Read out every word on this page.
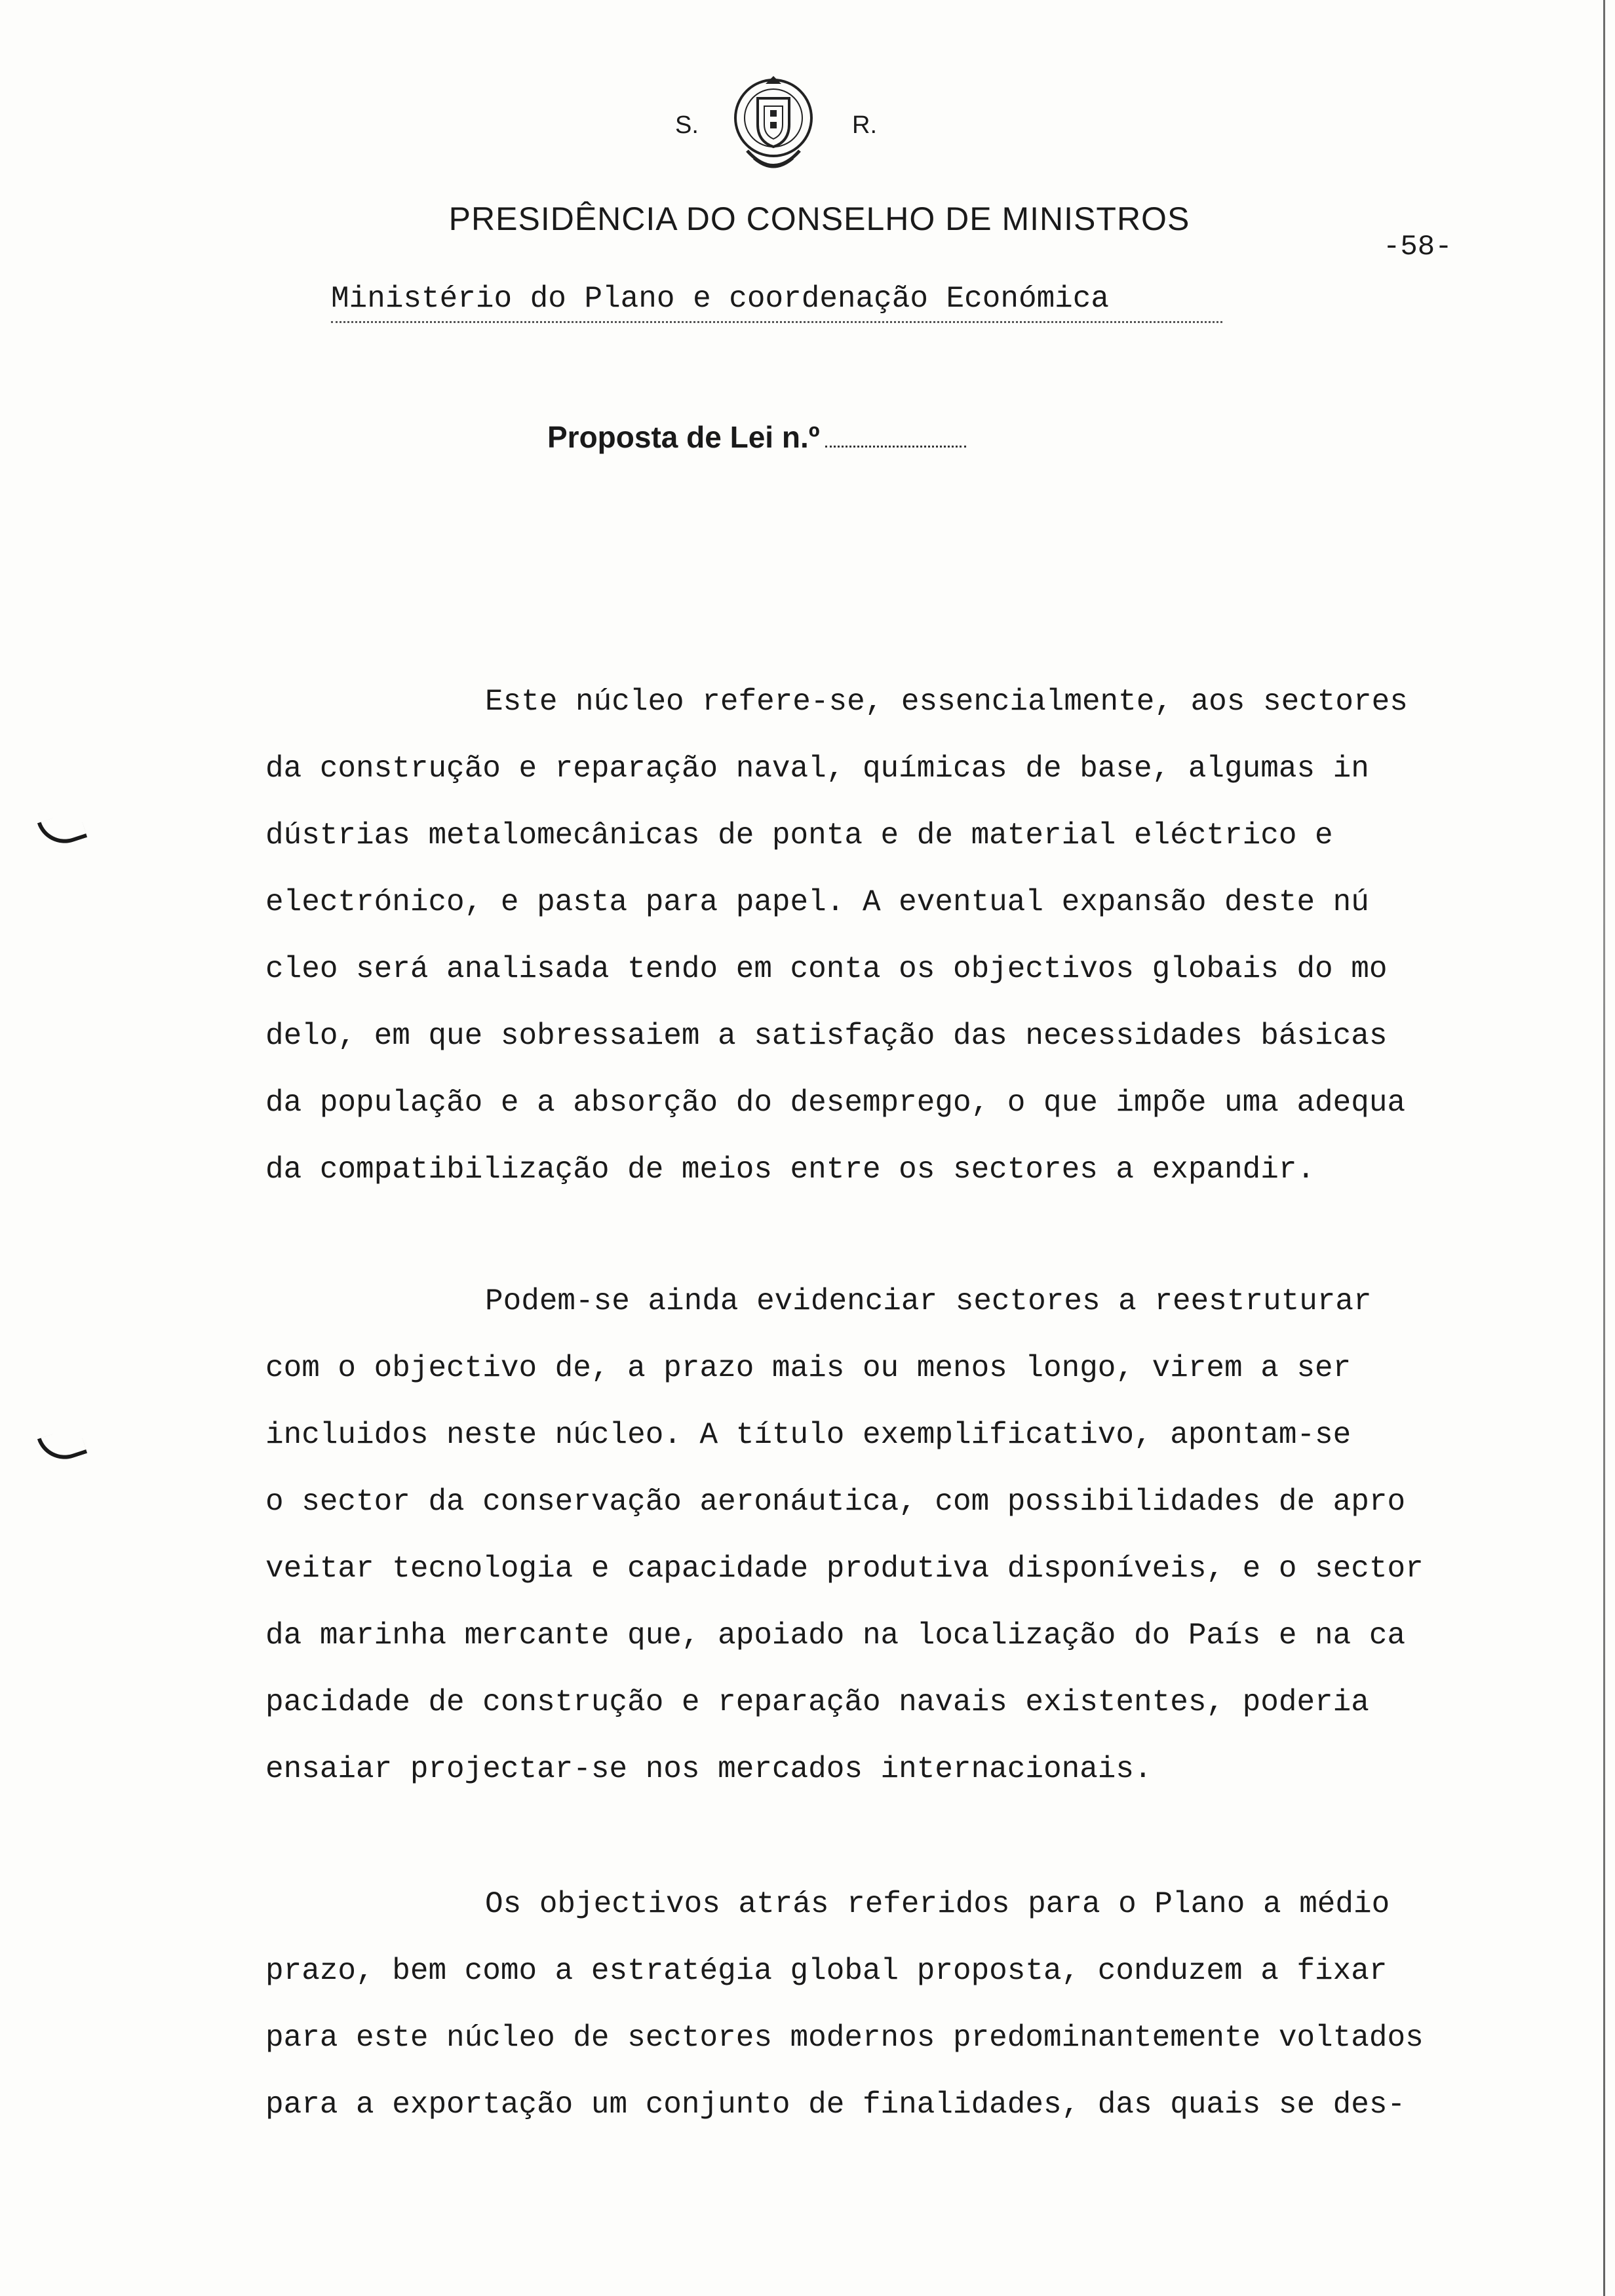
S.	R.
PRESIDÊNCIA DO CONSELHO DE MINISTROS
-58-
Ministério do Plano e coordenação Económica
Proposta de Lei n.º
Este núcleo refere-se, essencialmente, aos sectores
da construção e reparação naval, químicas de base, algumas in
dústrias metalomecânicas de ponta e de material eléctrico e
electrónico, e pasta para papel. A eventual expansão deste nú
cleo será analisada tendo em conta os objectivos globais do mo
delo, em que sobressaiem a satisfação das necessidades básicas
da população e a absorção do desemprego, o que impõe uma adequa
da compatibilização de meios entre os sectores a expandir.
Podem-se ainda evidenciar sectores a reestruturar
com o objectivo de, a prazo mais ou menos longo, virem a ser
incluidos neste núcleo. A título exemplificativo, apontam-se
o sector da conservação aeronáutica, com possibilidades de apro
veitar tecnologia e capacidade produtiva disponíveis, e o sector
da marinha mercante que, apoiado na localização do País e na ca
pacidade de construção e reparação navais existentes, poderia
ensaiar projectar-se nos mercados internacionais.
Os objectivos atrás referidos para o Plano a médio
prazo, bem como a estratégia global proposta, conduzem a fixar
para este núcleo de sectores modernos predominantemente voltados
para a exportação um conjunto de finalidades, das quais se des-
